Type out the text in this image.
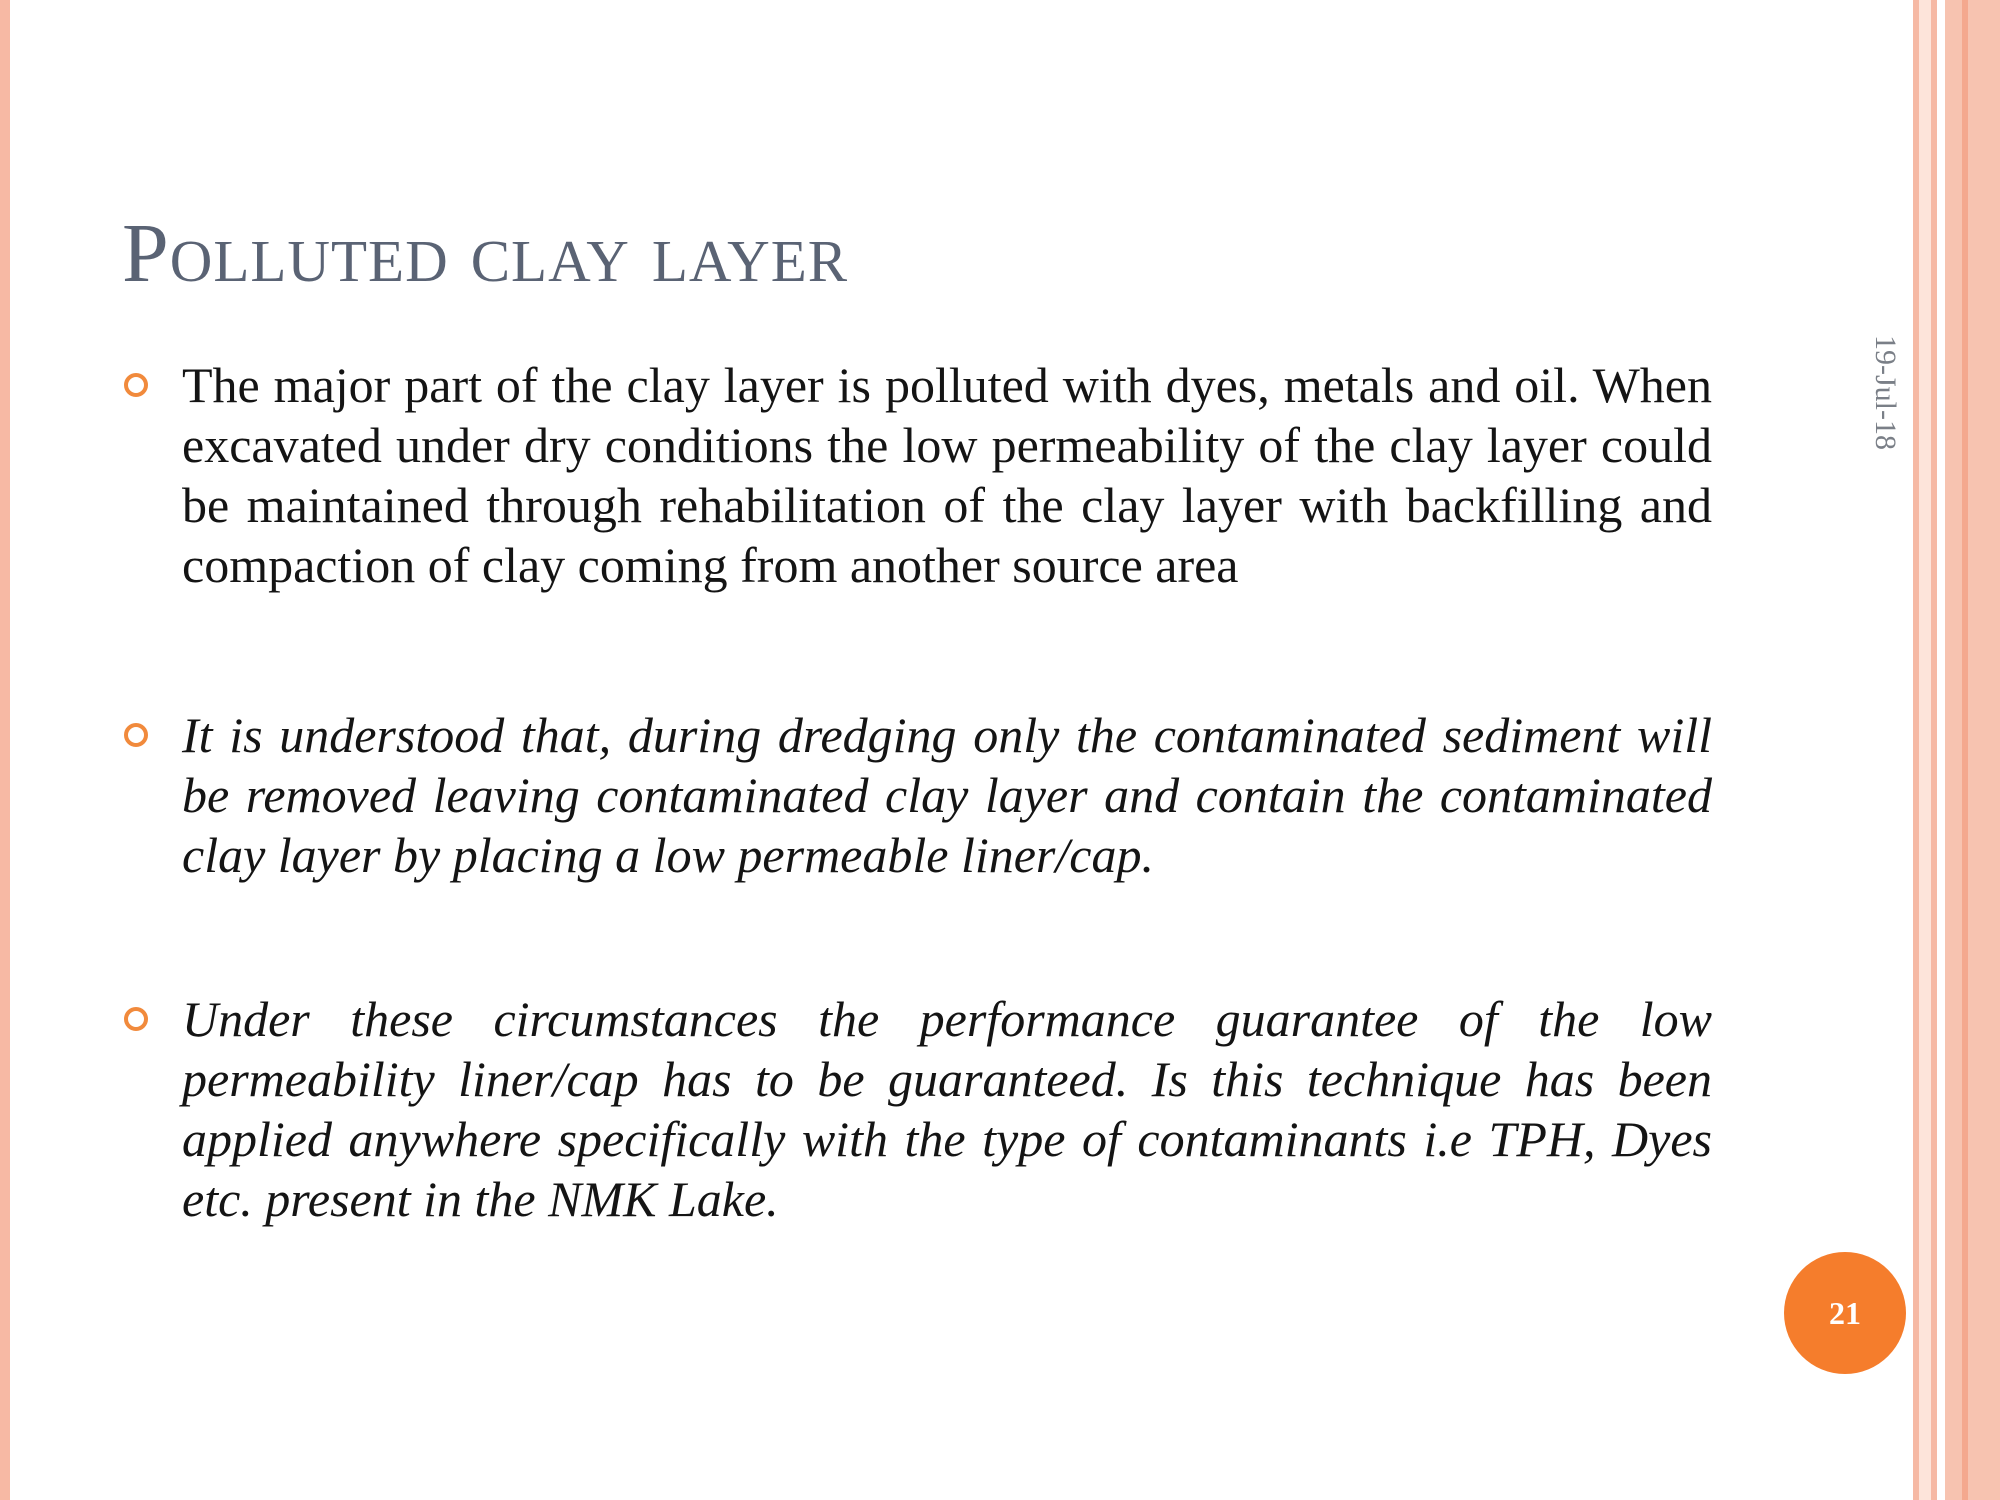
Polluted clay layer
19-Jul-18
The major part of the clay layer is polluted with dyes, metals and oil. When excavated under dry conditions the low permeability of the clay layer could be maintained through rehabilitation of the clay layer with backfilling and compaction of clay coming from another source area
It is understood that, during dredging only the contaminated sediment will be removed leaving contaminated clay layer and contain the contaminated clay layer by placing a low permeable liner/cap.
Under these circumstances the performance guarantee of the low permeability liner/cap has to be guaranteed. Is this technique has been applied anywhere specifically with the type of contaminants i.e TPH, Dyes etc. present in the NMK Lake.
21
